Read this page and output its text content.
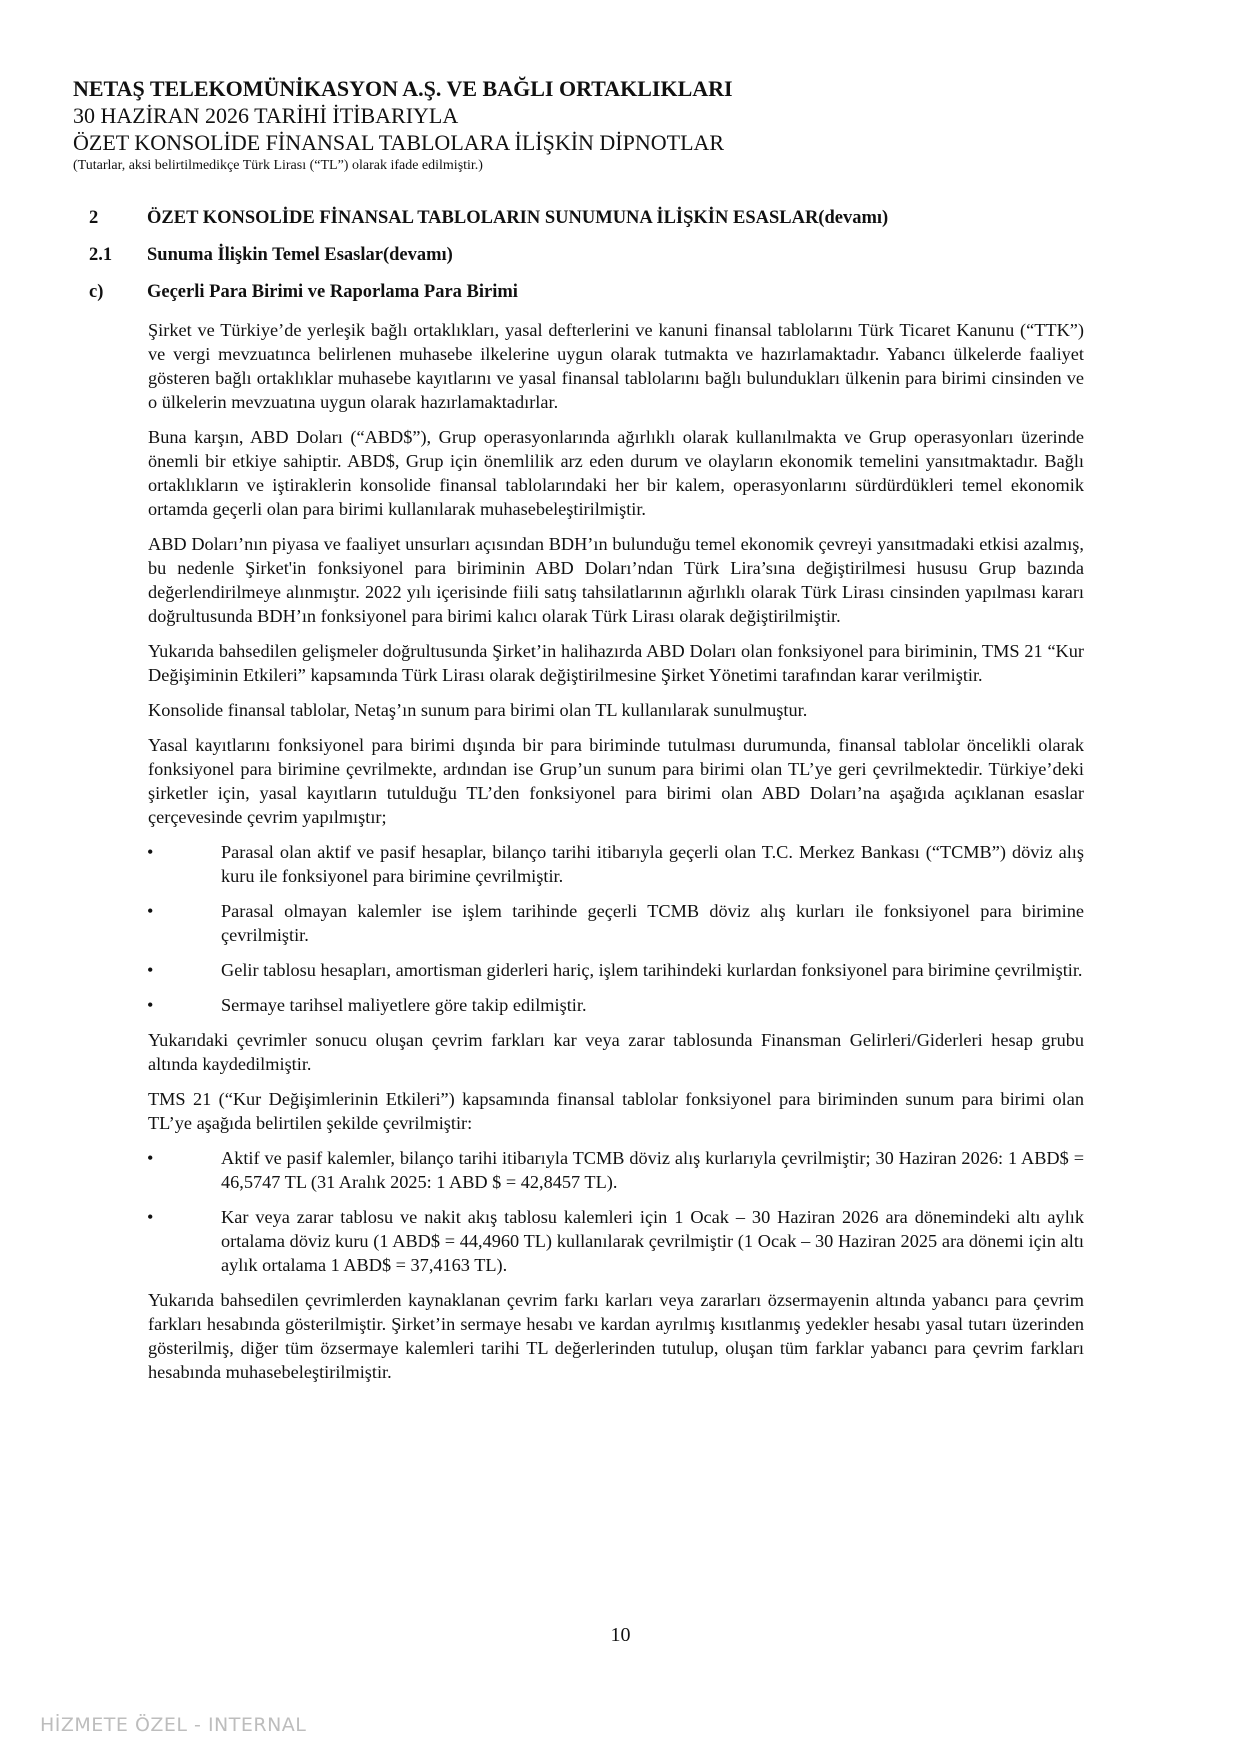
NETAŞ TELEKOMÜNİKASYON A.Ş. VE BAĞLI ORTAKLIKLARI
30 HAZİRAN 2026 TARİHİ İTİBARIYLA
ÖZET KONSOLİDE FİNANSAL TABLOLARA İLİŞKİN DİPNOTLAR
(Tutarlar, aksi belirtilmedikçe Türk Lirası (“TL”) olarak ifade edilmiştir.)
2	ÖZET KONSOLİDE FİNANSAL TABLOLARIN SUNUMUNA İLİŞKİN ESASLAR(devamı)
2.1 Sunuma İlişkin Temel Esaslar(devamı)
c) Geçerli Para Birimi ve Raporlama Para Birimi

Şirket ve Türkiye’de yerleşik bağlı ortaklıkları, yasal defterlerini ve kanuni finansal tablolarını Türk Ticaret Kanunu (“TTK”) ve vergi mevzuatınca belirlenen muhasebe ilkelerine uygun olarak tutmakta ve hazırlamaktadır. Yabancı ülkelerde faaliyet gösteren bağlı ortaklıklar muhasebe kayıtlarını ve yasal finansal tablolarını bağlı bulundukları ülkenin para birimi cinsinden ve o ülkelerin mevzuatına uygun olarak hazırlamaktadırlar.

Buna karşın, ABD Doları (“ABD$”), Grup operasyonlarında ağırlıklı olarak kullanılmakta ve Grup operasyonları üzerinde önemli bir etkiye sahiptir. ABD$, Grup için önemlilik arz eden durum ve olayların ekonomik temelini yansıtmaktadır. Bağlı ortaklıkların ve iştiraklerin konsolide finansal tablolarındaki her bir kalem, operasyonlarını sürdürdükleri temel ekonomik ortamda geçerli olan para birimi kullanılarak muhasebeleştirilmiştir.

ABD Doları’nın piyasa ve faaliyet unsurları açısından BDH’ın bulunduğu temel ekonomik çevreyi yansıtmadaki etkisi azalmış, bu nedenle Şirket'in fonksiyonel para biriminin ABD Doları’ndan Türk Lira’sına değiştirilmesi hususu Grup bazında değerlendirilmeye alınmıştır. 2022 yılı içerisinde fiili satış tahsilatlarının ağırlıklı olarak Türk Lirası cinsinden yapılması kararı doğrultusunda BDH’ın fonksiyonel para birimi kalıcı olarak Türk Lirası olarak değiştirilmiştir.

Yukarıda bahsedilen gelişmeler doğrultusunda Şirket’in halihazırda ABD Doları olan fonksiyonel para biriminin, TMS 21 “Kur Değişiminin Etkileri” kapsamında Türk Lirası olarak değiştirilmesine Şirket Yönetimi tarafından karar verilmiştir.

Konsolide finansal tablolar, Netaş’ın sunum para birimi olan TL kullanılarak sunulmuştur.

Yasal kayıtlarını fonksiyonel para birimi dışında bir para biriminde tutulması durumunda, finansal tablolar öncelikli olarak fonksiyonel para birimine çevrilmekte, ardından ise Grup’un sunum para birimi olan TL’ye geri çevrilmektedir. Türkiye’deki şirketler için, yasal kayıtların tutulduğu TL’den fonksiyonel para birimi olan ABD Doları’na aşağıda açıklanan esaslar çerçevesinde çevrim yapılmıştır;

•	Parasal olan aktif ve pasif hesaplar, bilanço tarihi itibarıyla geçerli olan T.C. Merkez Bankası (“TCMB”) döviz alış kuru ile fonksiyonel para birimine çevrilmiştir.
•	Parasal olmayan kalemler ise işlem tarihinde geçerli TCMB döviz alış kurları ile fonksiyonel para birimine çevrilmiştir.
•	Gelir tablosu hesapları, amortisman giderleri hariç, işlem tarihindeki kurlardan fonksiyonel para birimine çevrilmiştir.
•	Sermaye tarihsel maliyetlere göre takip edilmiştir.

Yukarıdaki çevrimler sonucu oluşan çevrim farkları kar veya zarar tablosunda Finansman Gelirleri/Giderleri hesap grubu altında kaydedilmiştir.

TMS 21 (“Kur Değişimlerinin Etkileri”) kapsamında finansal tablolar fonksiyonel para biriminden sunum para birimi olan TL’ye aşağıda belirtilen şekilde çevrilmiştir:

•	Aktif ve pasif kalemler, bilanço tarihi itibarıyla TCMB döviz alış kurlarıyla çevrilmiştir; 30 Haziran 2026: 1 ABD$ = 46,5747 TL (31 Aralık 2025: 1 ABD $ = 42,8457 TL).
•	Kar veya zarar tablosu ve nakit akış tablosu kalemleri için 1 Ocak – 30 Haziran 2026 ara dönemindeki altı aylık ortalama döviz kuru (1 ABD$ = 44,4960 TL) kullanılarak çevrilmiştir (1 Ocak – 30 Haziran 2025 ara dönemi için altı aylık ortalama 1 ABD$ = 37,4163 TL).

Yukarıda bahsedilen çevrimlerden kaynaklanan çevrim farkı karları veya zararları özsermayenin altında yabancı para çevrim farkları hesabında gösterilmiştir. Şirket’in sermaye hesabı ve kardan ayrılmış kısıtlanmış yedekler hesabı yasal tutarı üzerinden gösterilmiş, diğer tüm özsermaye kalemleri tarihi TL değerlerinden tutulup, oluşan tüm farklar yabancı para çevrim farkları hesabında muhasebeleştirilmiştir.

10
HİZMETE ÖZEL - INTERNAL
